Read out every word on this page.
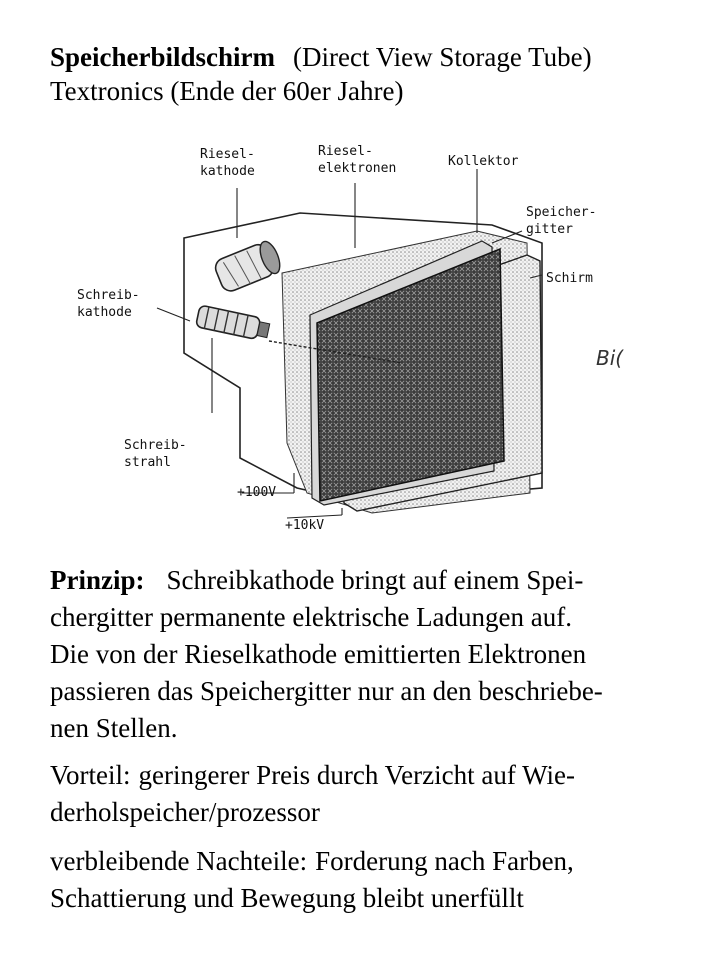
Speicherbildschirm (Direct View Storage Tube)
Textronics (Ende der 60er Jahre)
Riesel-
kathode
Riesel-
elektronen	Kollektor
Speicher-
gitter
Schirm
Schreib-
kathode
Schreib-
strahl
+100V
+10kV
Bi(
Prinzip: Schreibkathode bringt auf einem Spei-
chergitter permanente elektrische Ladungen auf.
Die von der Rieselkathode emittierten Elektronen
passieren das Speichergitter nur an den beschriebe-
nen Stellen.
Vorteil: geringerer Preis durch Verzicht auf Wie-
derholspeicher/prozessor
verbleibende Nachteile: Forderung nach Farben,
Schattierung und Bewegung bleibt unerfüllt
